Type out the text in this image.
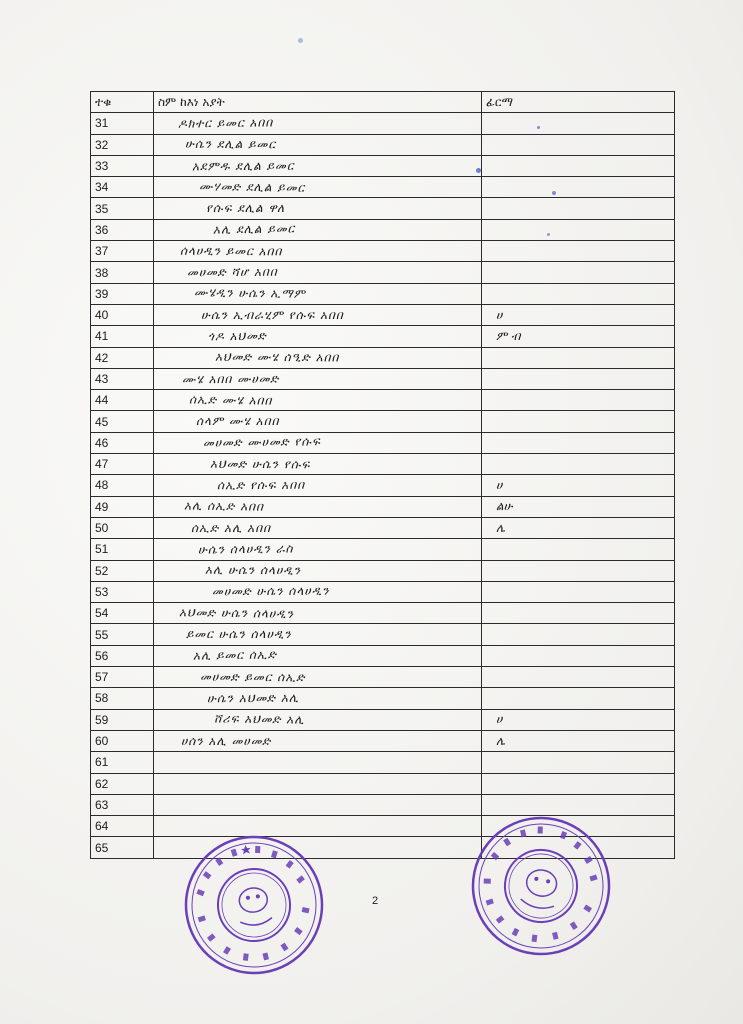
ተቁ	ስም ከእነ አያት	ፊርማ
31	ዶክተር ይመር አበበ	
32	ሁሴን ደሊል ይመር	
33	አደምዱ ደሊል ይመር	
34	ሙሃመድ ደሊል ይመር	
35	የሱፍ ደሊል ዋለ	
36	አሊ ደሊል ይመር	
37	ሰላሀዲን ይመር አበበ	
38	መሀመድ ሻሆ አበበ	
39	ሙሄዲን ሁሴን ኢማም	
40	ሁሴን ኢብራሂም የሱፍ አበበ	ሀ
41	ጎዶ አህመድ	ም ብ
42	አህመድ ሙሄ ሰዒድ አበበ	
43	ሙሄ አበበ ሙሀመድ	
44	ሰኢድ ሙሄ አበበ	
45	ሰላም ሙሄ አበበ	
46	መሀመድ ሙሀመድ የሱፍ	
47	አህመድ ሁሴን የሱፍ	
48	ሰኢድ የሱፍ አበበ	ሀ
49	አሊ ሰኢድ አበበ	ልሁ
50	ሰኢድ አሊ አበበ	ሌ
51	ሁሴን ሰላሀዲን ራስ	
52	አሊ ሁሴን ሰላሀዲን	
53	መሀመድ ሁሴን ሰላሀዲን	
54	አህመድ ሁሴን ሰላሀዲን	
55	ይመር ሁሴን ሰላሀዲን	
56	አሊ ይመር ሰኢድ	
57	መሀመድ ይመር ሰኢድ	
58	ሁሴን አህመድ አሊ	
59	ሸሪፍ አህመድ አሊ	ሀ
60	ሀሰን አሊ መሀመድ	ሌ
61		
62		
63		
64		
65		
2
